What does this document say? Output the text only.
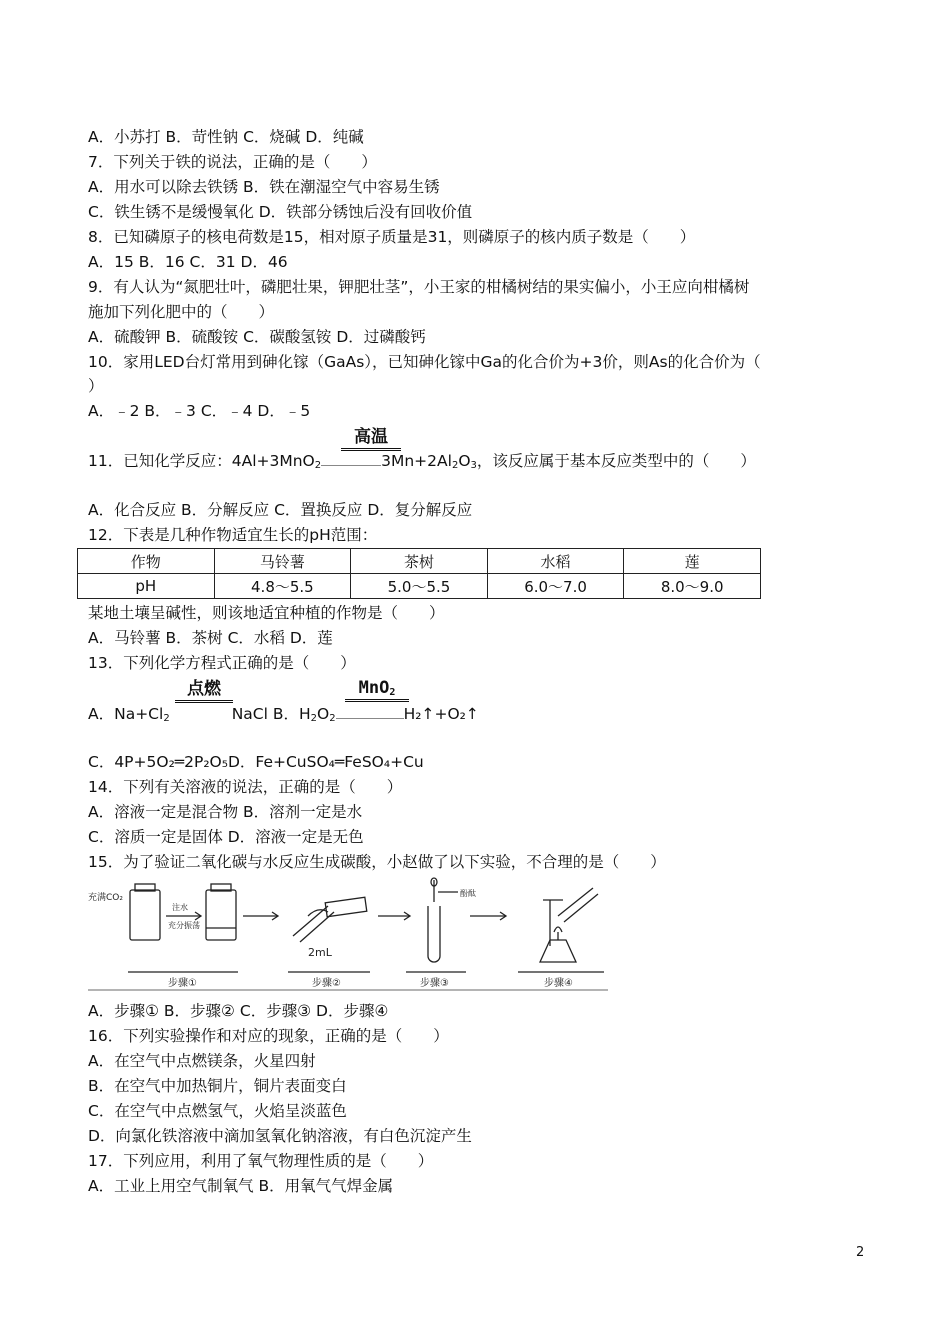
A．小苏打 B．苛性钠 C．烧碱 D．纯碱
7．下列关于铁的说法，正确的是（　　）
A．用水可以除去铁锈 B．铁在潮湿空气中容易生锈
C．铁生锈不是缓慢氧化 D．铁部分锈蚀后没有回收价值
8．已知磷原子的核电荷数是15，相对原子质量是31，则磷原子的核内质子数是（　　）
A．15 B．16 C．31 D．46
9．有人认为“氮肥壮叶，磷肥壮果，钾肥壮茎”，小王家的柑橘树结的果实偏小，小王应向柑橘树
施加下列化肥中的（　　）
A．硫酸钾 B．硫酸铵 C．碳酸氢铵 D．过磷酸钙
10．家用LED台灯常用到砷化镓（GaAs），已知砷化镓中Ga的化合价为+3价，则As的化合价为（
）
A．﹣2 B．﹣3 C．﹣4 D．﹣5
高温
11．已知化学反应：4Al+3MnO$_2$	$3Mn+2Al_2O_3$，该反应属于基本反应类型中的（　　）
A．化合反应 B．分解反应 C．置换反应 D．复分解反应
12．下表是几种作物适宜生长的pH范围：
作物	马铃薯	茶树	水稻	莲
pH	4.8～5.5	5.0～5.5	6.0～7.0	8.0～9.0
某地土壤呈碱性，则该地适宜种植的作物是（　　）
A．马铃薯 B．茶树 C．水稻 D．莲
13．下列化学方程式正确的是（　　）
点燃	MnO$_2$
A．$Na+Cl_2$	NaCl B．$H_2O_2$	H₂↑+O₂↑
C．4P+5O₂═2P₂O₅D．Fe+CuSO₄═FeSO₄+Cu
14．下列有关溶液的说法，正确的是（　　）
A．溶液一定是混合物 B．溶剂一定是水
C．溶质一定是固体 D．溶液一定是无色
15．为了验证二氧化碳与水反应生成碳酸，小赵做了以下实验，不合理的是（　　）
充满CO₂
注水
充分振荡
2mL
酚酞
步骤①	步骤②	步骤③	步骤④
A．步骤① B．步骤② C．步骤③ D．步骤④
16．下列实验操作和对应的现象，正确的是（　　）
A．在空气中点燃镁条，火星四射
B．在空气中加热铜片，铜片表面变白
C．在空气中点燃氢气，火焰呈淡蓝色
D．向氯化铁溶液中滴加氢氧化钠溶液，有白色沉淀产生
17．下列应用，利用了氧气物理性质的是（　　）
A．工业上用空气制氧气 B．用氧气气焊金属
2
